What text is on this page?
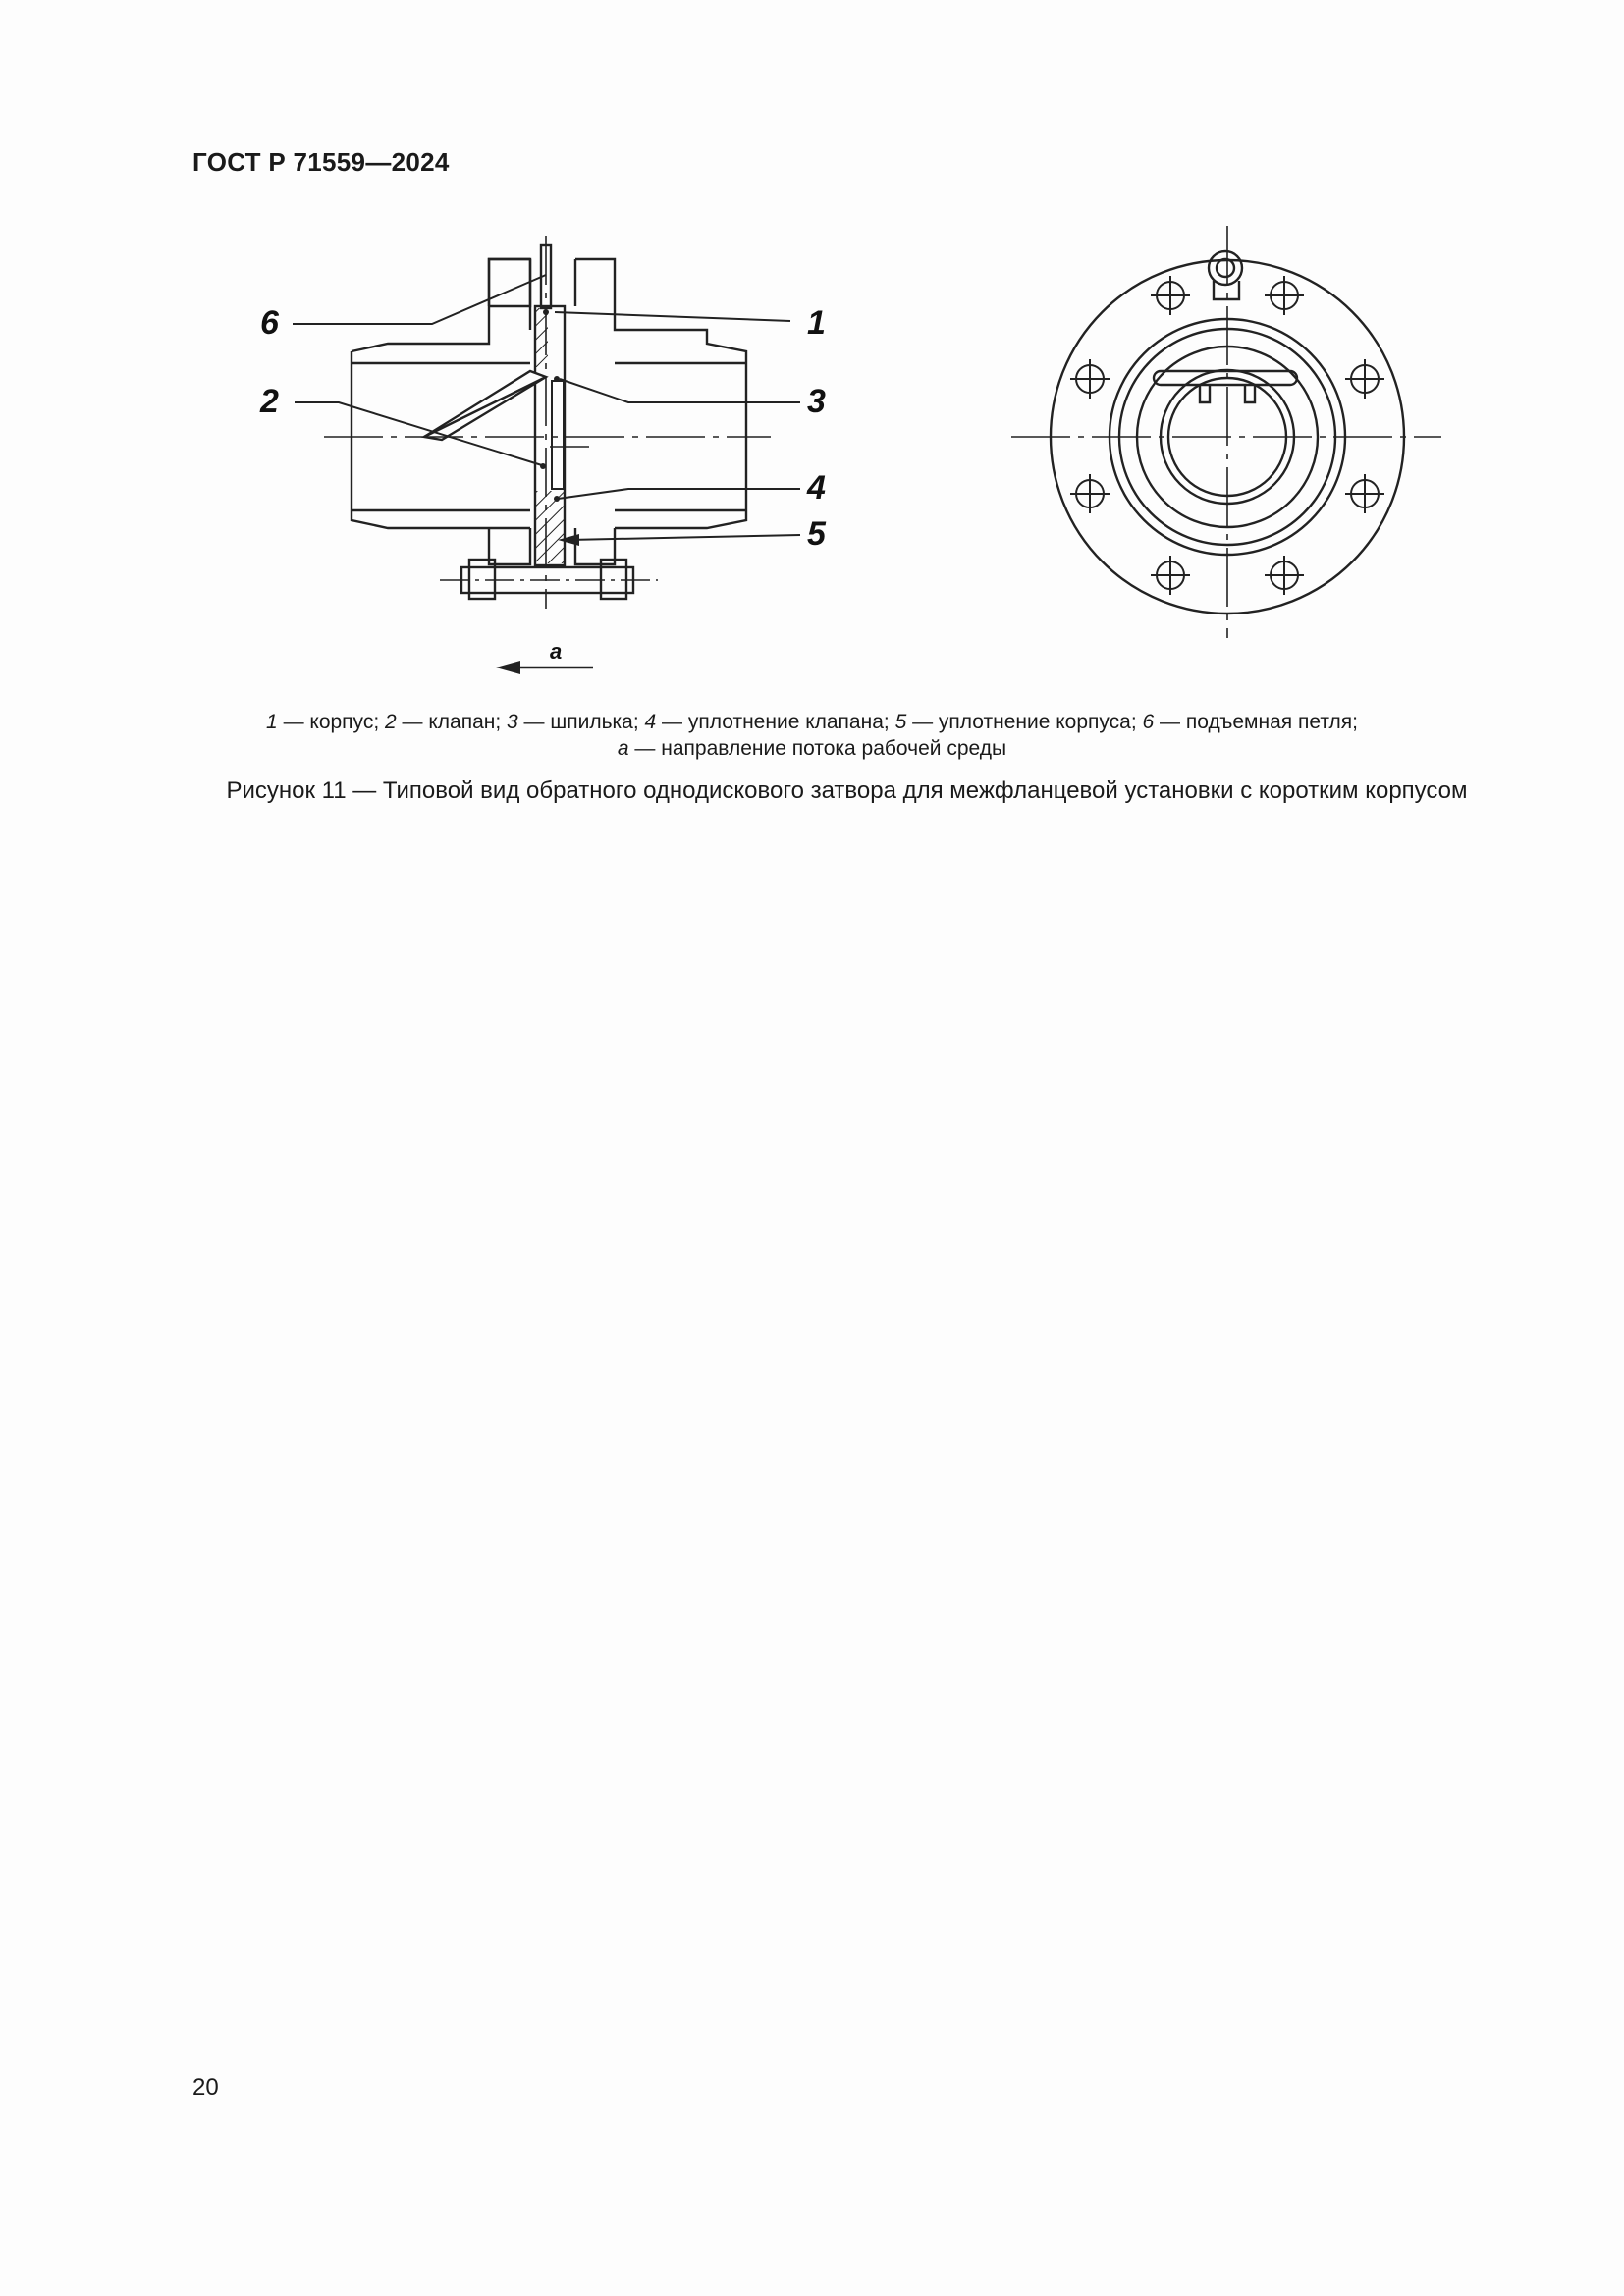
ГОСТ Р 71559—2024
6	1
2	3
4
5
a
1 — корпус; 2 — клапан; 3 — шпилька; 4 — уплотнение клапана; 5 — уплотнение корпуса; 6 — подъемная петля;
а — направление потока рабочей среды
Рисунок 11 — Типовой вид обратного однодискового затвора для межфланцевой установки с коротким корпусом
20
